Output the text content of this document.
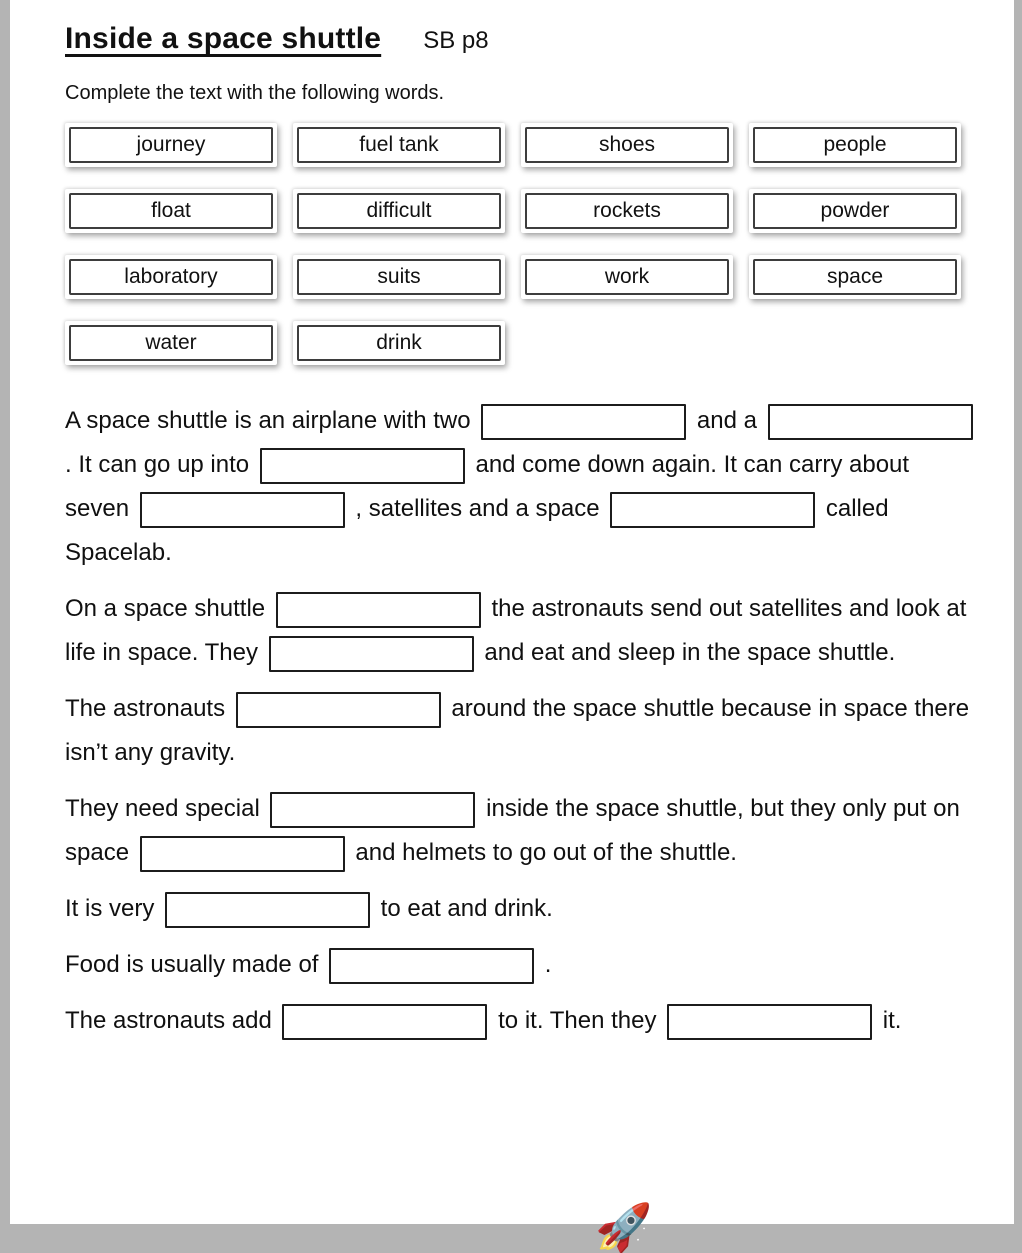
Inside a space shuttle SB p8
Complete the text with the following words.
journey	fuel tank	shoes	people
float	difficult	rockets	powder
laboratory	suits	work	space
water	drink

A space shuttle is an airplane with two	and a  . It can go up into	and come down again. It can carry about seven	, satellites and a space	called Spacelab.

On a space shuttle	the astronauts send out satellites and look at life in space. They	and eat and sleep in the space shuttle.

The astronauts	around the space shuttle because in space there isn’t any gravity.

They need special	inside the space shuttle, but they only put on space	and helmets to go out of the shuttle.

It is very	to eat and drink.

Food is usually made of	.

The astronauts add	to it. Then they	it.

🚀
